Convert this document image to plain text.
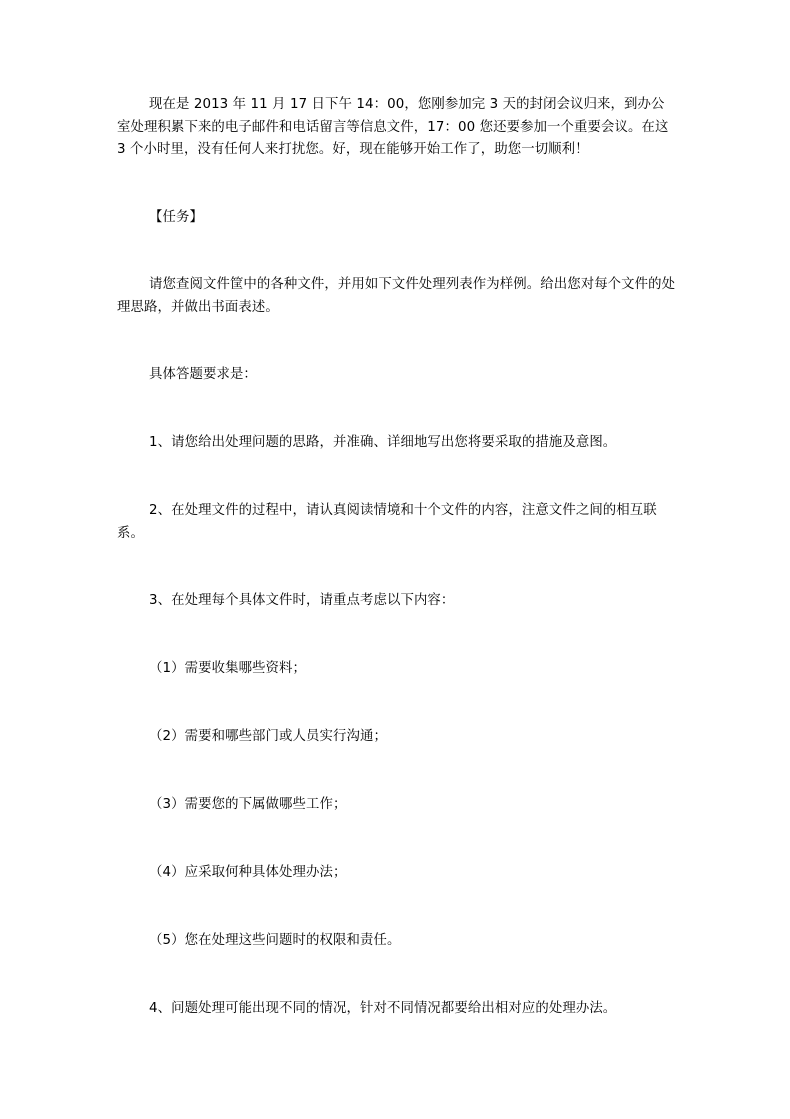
现在是 2013 年 11 月 17 日下午 14：00，您刚参加完 3 天的封闭会议归来，到办公室处理积累下来的电子邮件和电话留言等信息文件，17：00 您还要参加一个重要会议。在这 3 个小时里，没有任何人来打扰您。好，现在能够开始工作了，助您一切顺利！

【任务】

请您查阅文件筐中的各种文件，并用如下文件处理列表作为样例。给出您对每个文件的处理思路，并做出书面表述。

具体答题要求是：

1、请您给出处理问题的思路，并准确、详细地写出您将要采取的措施及意图。

2、在处理文件的过程中，请认真阅读情境和十个文件的内容，注意文件之间的相互联系。

3、在处理每个具体文件时，请重点考虑以下内容：

（1）需要收集哪些资料；

（2）需要和哪些部门或人员实行沟通；

（3）需要您的下属做哪些工作；

（4）应采取何种具体处理办法；

（5）您在处理这些问题时的权限和责任。

4、问题处理可能出现不同的情况，针对不同情况都要给出相对应的处理办法。
